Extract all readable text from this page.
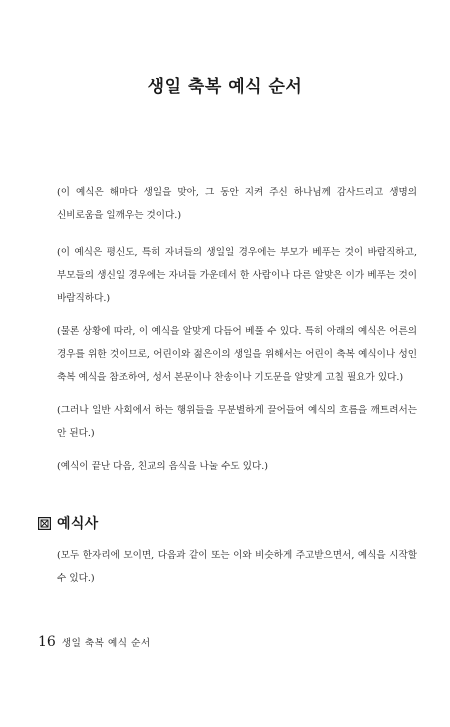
생일 축복 예식 순서

(이 예식은 해마다 생일을 맞아, 그 동안 지켜 주신 하나님께 감사드리고 생명의 신비로움을 일깨우는 것이다.)

(이 예식은 평신도, 특히 자녀들의 생일일 경우에는 부모가 베푸는 것이 바람직하고, 부모들의 생신일 경우에는 자녀들 가운데서 한 사람이나 다른 알맞은 이가 베푸는 것이 바람직하다.)

(물론 상황에 따라, 이 예식을 알맞게 다듬어 베풀 수 있다. 특히 아래의 예식은 어른의 경우를 위한 것이므로, 어린이와 젊은이의 생일을 위해서는 어린이 축복 예식이나 성인 축복 예식을 참조하여, 성서 본문이나 찬송이나 기도문을 알맞게 고칠 필요가 있다.)

(그러나 일반 사회에서 하는 행위들을 무분별하게 끌어들여 예식의 흐름을 깨트려서는 안 된다.)

(예식이 끝난 다음, 친교의 음식을 나눌 수도 있다.)

예식사

(모두 한자리에 모이면, 다음과 같이 또는 이와 비슷하게 주고받으면서, 예식을 시작할 수 있다.)

16 생일 축복 예식 순서
